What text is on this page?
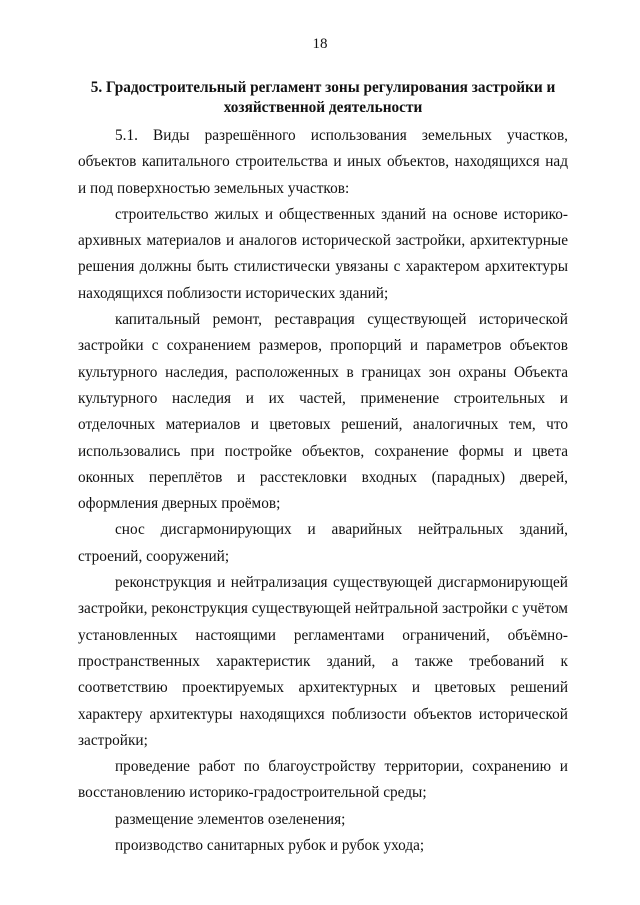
18
5. Градостроительный регламент зоны регулирования застройки и хозяйственной деятельности

5.1. Виды разрешённого использования земельных участков, объектов капитального строительства и иных объектов, находящихся над и под поверхностью земельных участков:

строительство жилых и общественных зданий на основе историко-архивных материалов и аналогов исторической застройки, архитектурные решения должны быть стилистически увязаны с характером архитектуры находящихся поблизости исторических зданий;

капитальный ремонт, реставрация существующей исторической застройки с сохранением размеров, пропорций и параметров объектов культурного наследия, расположенных в границах зон охраны Объекта культурного наследия и их частей, применение строительных и отделочных материалов и цветовых решений, аналогичных тем, что использовались при постройке объектов, сохранение формы и цвета оконных переплётов и расстекловки входных (парадных) дверей, оформления дверных проёмов;

снос дисгармонирующих и аварийных нейтральных зданий, строений, сооружений;

реконструкция и нейтрализация существующей дисгармонирующей застройки, реконструкция существующей нейтральной застройки с учётом установленных настоящими регламентами ограничений, объёмно-пространственных характеристик зданий, а также требований к соответствию проектируемых архитектурных и цветовых решений характеру архитектуры находящихся поблизости объектов исторической застройки;

проведение работ по благоустройству территории, сохранению и восстановлению историко-градостроительной среды;

размещение элементов озеленения;

производство санитарных рубок и рубок ухода;
